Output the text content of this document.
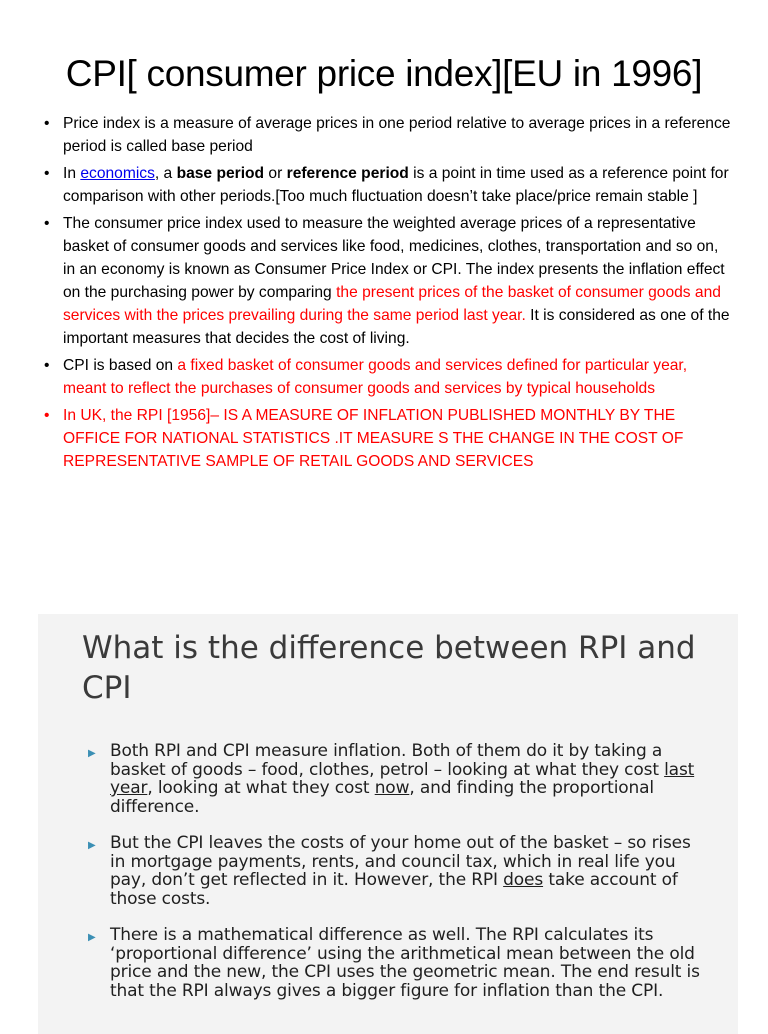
CPI[ consumer price index][EU in 1996]
• Price index is a measure of average prices in one period relative to average prices in a reference period is called base period
• In economics, a base period or reference period is a point in time used as a reference point for comparison with other periods.[Too much fluctuation doesn’t take place/price remain stable ]
• The consumer price index used to measure the weighted average prices of a representative basket of consumer goods and services like food, medicines, clothes, transportation and so on, in an economy is known as Consumer Price Index or CPI. The index presents the inflation effect on the purchasing power by comparing the present prices of the basket of consumer goods and services with the prices prevailing during the same period last year. It is considered as one of the important measures that decides the cost of living.
• CPI is based on a fixed basket of consumer goods and services defined for particular year, meant to reflect the purchases of consumer goods and services by typical households
• In UK, the RPI [1956]– IS A MEASURE OF INFLATION PUBLISHED MONTHLY BY THE OFFICE FOR NATIONAL STATISTICS .IT MEASURE S THE CHANGE IN THE COST OF REPRESENTATIVE SAMPLE OF RETAIL GOODS AND SERVICES
What is the difference between RPI and CPI
▶ Both RPI and CPI measure inflation. Both of them do it by taking a basket of goods – food, clothes, petrol – looking at what they cost last year, looking at what they cost now, and finding the proportional difference.
▶ But the CPI leaves the costs of your home out of the basket – so rises in mortgage payments, rents, and council tax, which in real life you pay, don’t get reflected in it. However, the RPI does take account of those costs.
▶ There is a mathematical difference as well. The RPI calculates its ‘proportional difference’ using the arithmetical mean between the old price and the new, the CPI uses the geometric mean. The end result is that the RPI always gives a bigger figure for inflation than the CPI.
